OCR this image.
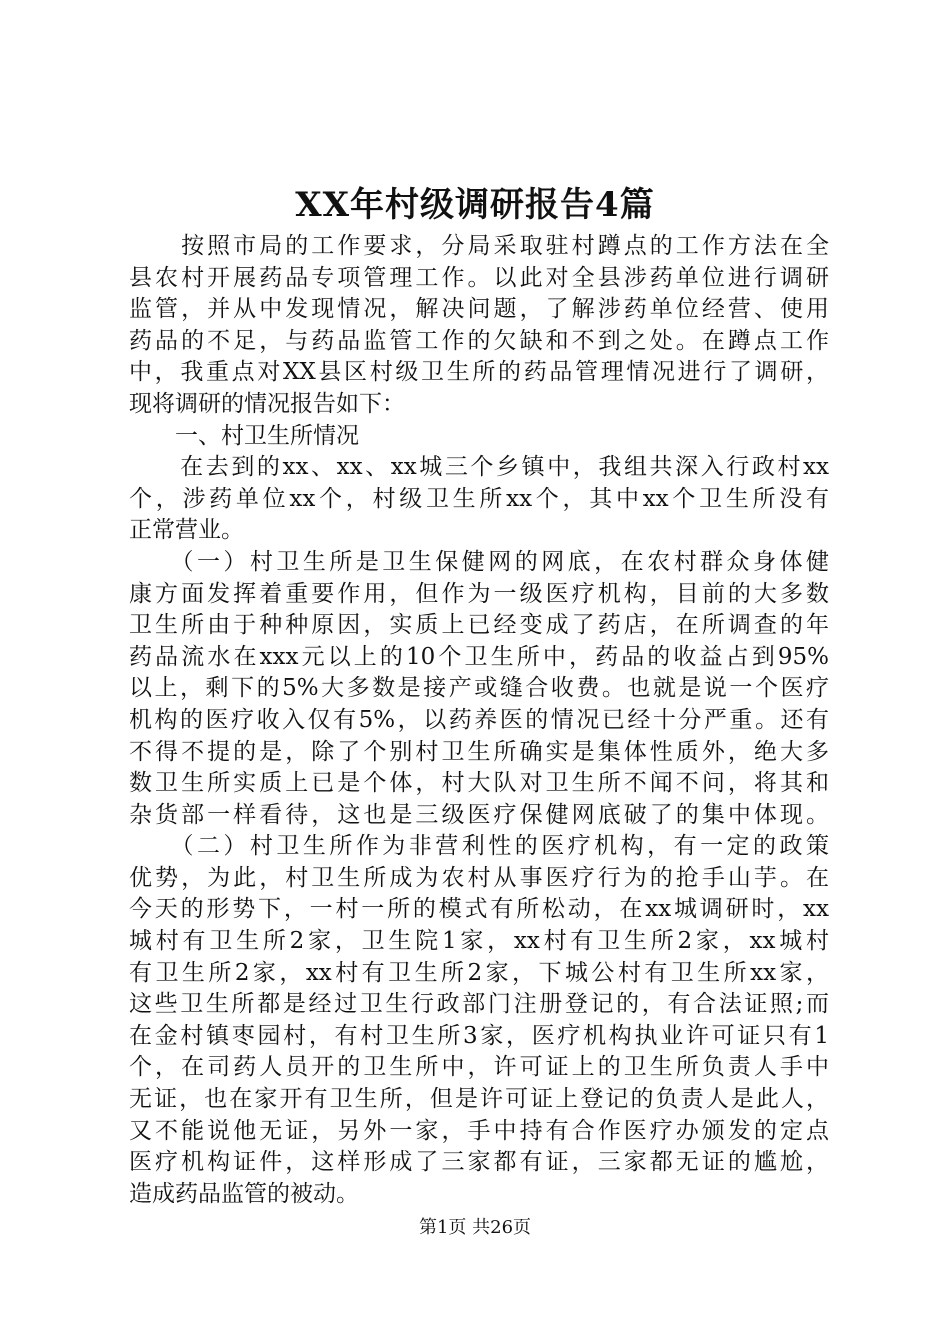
XX年村级调研报告4篇
　　按照市局的工作要求，分局采取驻村蹲点的工作方法在全
县农村开展药品专项管理工作。以此对全县涉药单位进行调研
监管，并从中发现情况，解决问题，了解涉药单位经营、使用
药品的不足，与药品监管工作的欠缺和不到之处。在蹲点工作
中，我重点对XX县区村级卫生所的药品管理情况进行了调研，
现将调研的情况报告如下：
　　一、村卫生所情况
　　在去到的xx、xx、xx城三个乡镇中，我组共深入行政村xx
个，涉药单位xx个，村级卫生所xx个，其中xx个卫生所没有
正常营业。
　　（一）村卫生所是卫生保健网的网底，在农村群众身体健
康方面发挥着重要作用，但作为一级医疗机构，目前的大多数
卫生所由于种种原因，实质上已经变成了药店，在所调查的年
药品流水在xxx元以上的10个卫生所中，药品的收益占到95%
以上，剩下的5%大多数是接产或缝合收费。也就是说一个医疗
机构的医疗收入仅有5%，以药养医的情况已经十分严重。还有
不得不提的是，除了个别村卫生所确实是集体性质外，绝大多
数卫生所实质上已是个体，村大队对卫生所不闻不问，将其和
杂货部一样看待，这也是三级医疗保健网底破了的集中体现。
　　（二）村卫生所作为非营利性的医疗机构，有一定的政策
优势，为此，村卫生所成为农村从事医疗行为的抢手山芋。在
今天的形势下，一村一所的模式有所松动，在xx城调研时，xx
城村有卫生所2家，卫生院1家，xx村有卫生所2家，xx城村
有卫生所2家，xx村有卫生所2家，下城公村有卫生所xx家，
这些卫生所都是经过卫生行政部门注册登记的，有合法证照;而
在金村镇枣园村，有村卫生所3家，医疗机构执业许可证只有1
个，在司药人员开的卫生所中，许可证上的卫生所负责人手中
无证，也在家开有卫生所，但是许可证上登记的负责人是此人，
又不能说他无证，另外一家，手中持有合作医疗办颁发的定点
医疗机构证件，这样形成了三家都有证，三家都无证的尴尬，
造成药品监管的被动。
第1页 共26页
